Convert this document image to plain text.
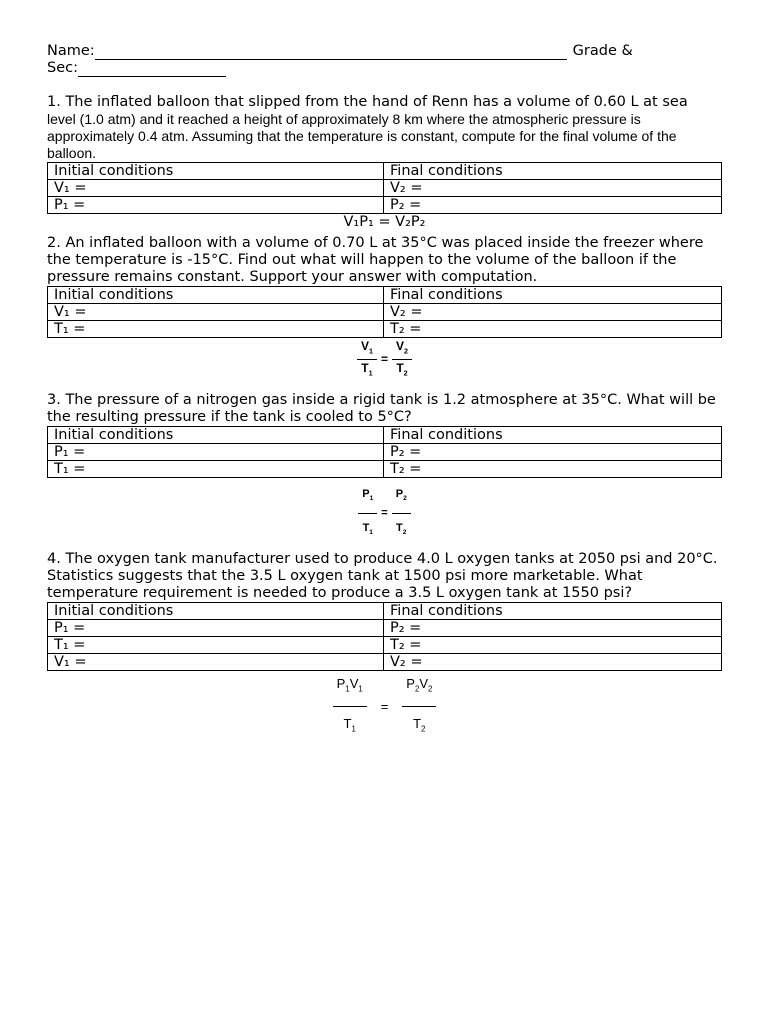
Name:	Grade &
Sec:

1. The inflated balloon that slipped from the hand of Renn has a volume of 0.60 L at sea

level (1.0 atm) and it reached a height of approximately 8 km where the atmospheric pressure is approximately 0.4 atm. Assuming that the temperature is constant, compute for the final volume of the balloon.

Initial conditions	Final conditions
V₁ =	V₂ =
P₁ =	P₂ =
V₁P₁ = V₂P₂

2. An inflated balloon with a volume of 0.70 L at 35°C was placed inside the freezer where the temperature is -15°C. Find out what will happen to the volume of the balloon if the pressure remains constant. Support your answer with computation.

Initial conditions	Final conditions
V₁ =	V₂ =
T₁ =	T₂ =
$\frac{V_1}{T_1} = \frac{V_2}{T_2}$

3. The pressure of a nitrogen gas inside a rigid tank is 1.2 atmosphere at 35°C. What will be the resulting pressure if the tank is cooled to 5°C?

Initial conditions	Final conditions
P₁ =	P₂ =
T₁ =	T₂ =
$\frac{P_1}{T_1} = \frac{P_2}{T_2}$

4. The oxygen tank manufacturer used to produce 4.0 L oxygen tanks at 2050 psi and 20°C. Statistics suggests that the 3.5 L oxygen tank at 1500 psi more marketable. What temperature requirement is needed to produce a 3.5 L oxygen tank at 1550 psi?

Initial conditions	Final conditions
P₁ =	P₂ =
T₁ =	T₂ =
V₁ =	V₂ =
$\frac{P_1V_1}{T_1}$	=	$\frac{P_2V_2}{T_2}$
